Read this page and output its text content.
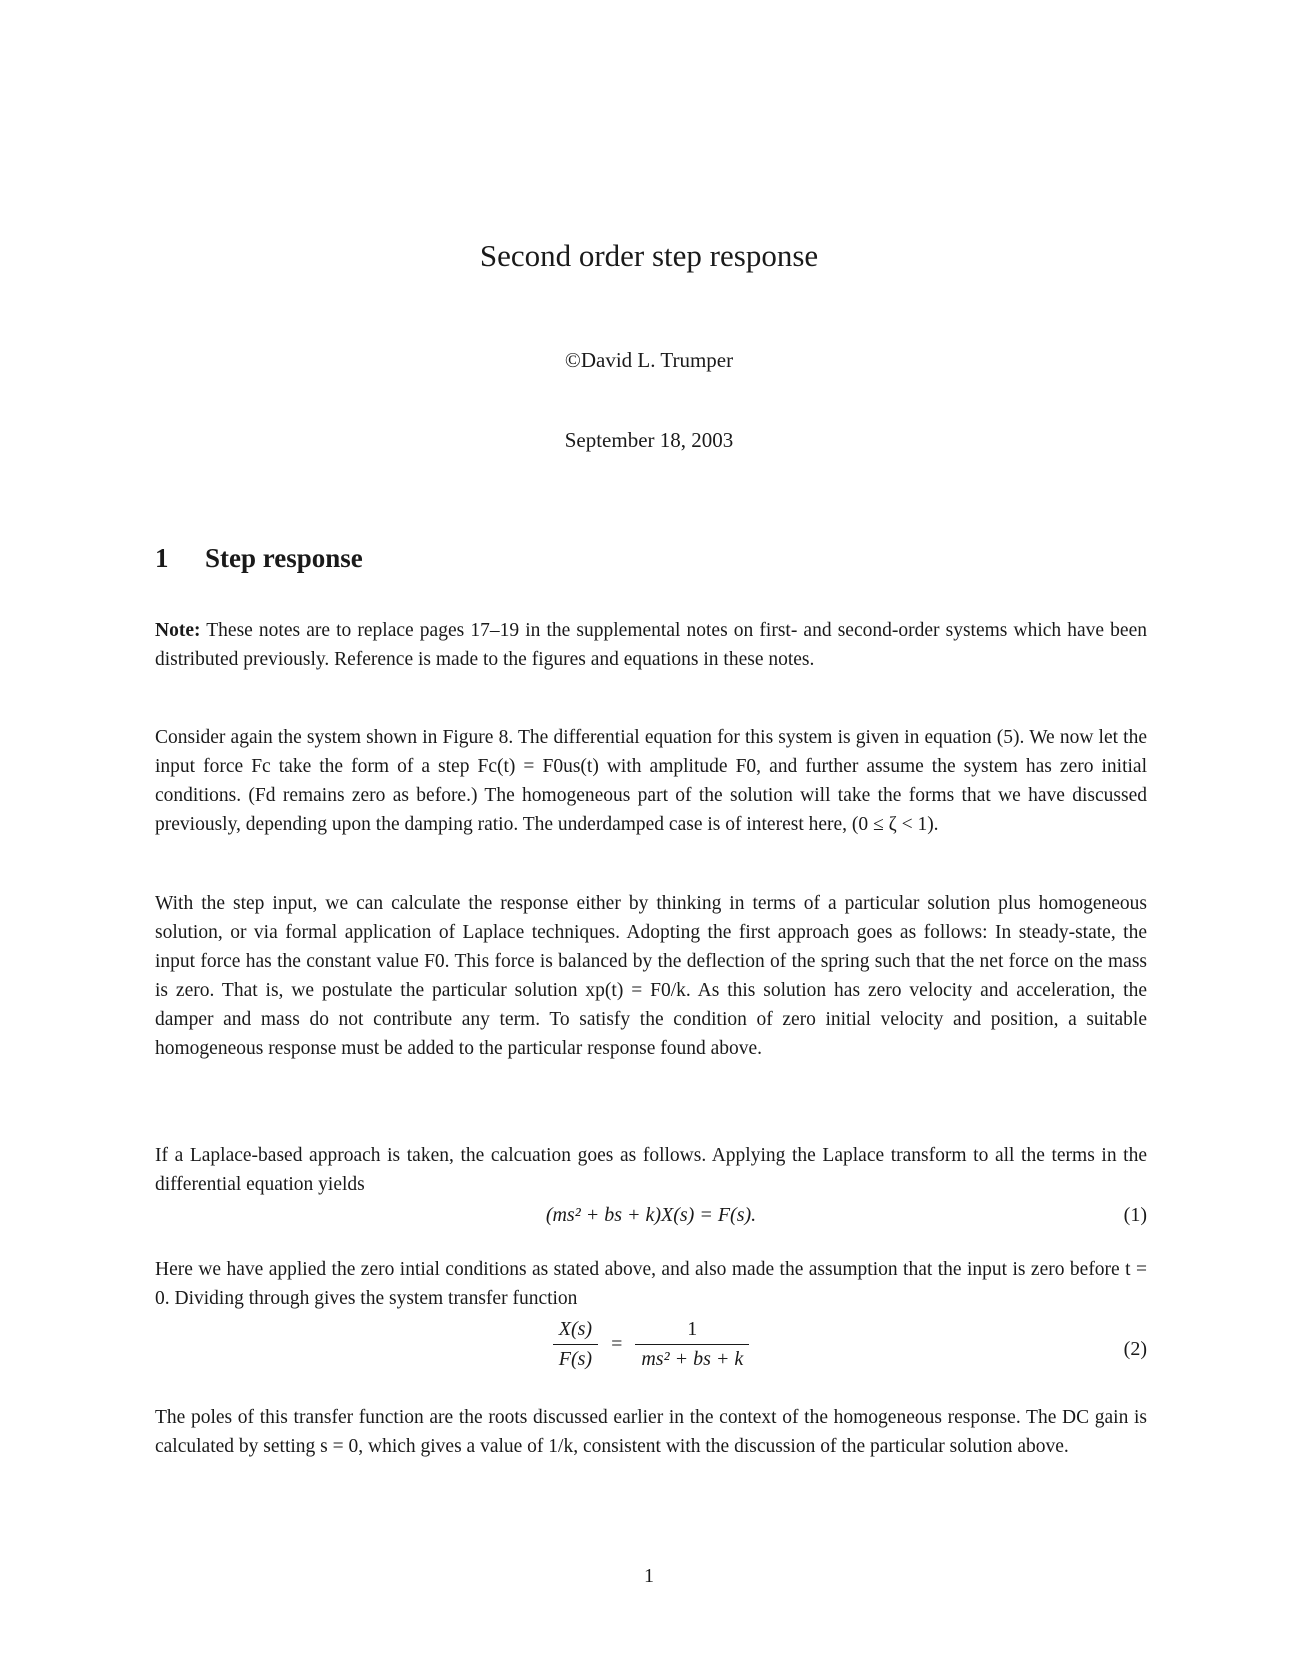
Second order step response
©David L. Trumper
September 18, 2003
1 Step response

Note: These notes are to replace pages 17–19 in the supplemental notes on first- and second-order systems which have been distributed previously. Reference is made to the figures and equations in these notes.

Consider again the system shown in Figure 8. The differential equation for this system is given in equation (5). We now let the input force Fc take the form of a step Fc(t) = F0us(t) with amplitude F0, and further assume the system has zero initial conditions. (Fd remains zero as before.) The homogeneous part of the solution will take the forms that we have discussed previously, depending upon the damping ratio. The underdamped case is of interest here, (0 ≤ ζ < 1).

With the step input, we can calculate the response either by thinking in terms of a particular solution plus homogeneous solution, or via formal application of Laplace techniques. Adopting the first approach goes as follows: In steady-state, the input force has the constant value F0. This force is balanced by the deflection of the spring such that the net force on the mass is zero. That is, we postulate the particular solution xp(t) = F0/k. As this solution has zero velocity and acceleration, the damper and mass do not contribute any term. To satisfy the condition of zero initial velocity and position, a suitable homogeneous response must be added to the particular response found above.

If a Laplace-based approach is taken, the calcuation goes as follows. Applying the Laplace transform to all the terms in the differential equation yields

(ms² + bs + k)X(s) = F(s).	(1)

Here we have applied the zero intial conditions as stated above, and also made the assumption that the input is zero before t = 0. Dividing through gives the system transfer function

$\frac{X(s)}{F(s)} = \frac{1}{\text{ms² + bs + k}}$	(2)

The poles of this transfer function are the roots discussed earlier in the context of the homogeneous response. The DC gain is calculated by setting s = 0, which gives a value of 1/k, consistent with the discussion of the particular solution above.

1
